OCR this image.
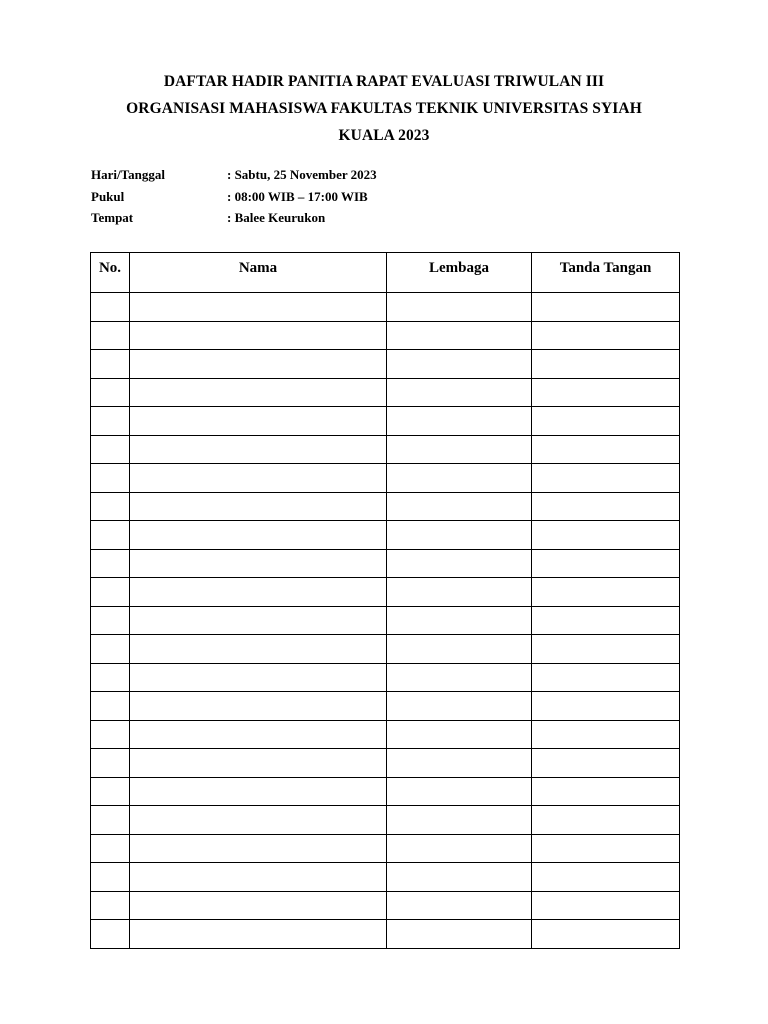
DAFTAR HADIR PANITIA RAPAT EVALUASI TRIWULAN III
ORGANISASI MAHASISWA FAKULTAS TEKNIK UNIVERSITAS SYIAH
KUALA 2023
Hari/Tanggal	: Sabtu, 25 November 2023
Pukul	: 08:00 WIB – 17:00 WIB
Tempat	: Balee Keurukon
No.	Nama	Lembaga	Tanda Tangan
